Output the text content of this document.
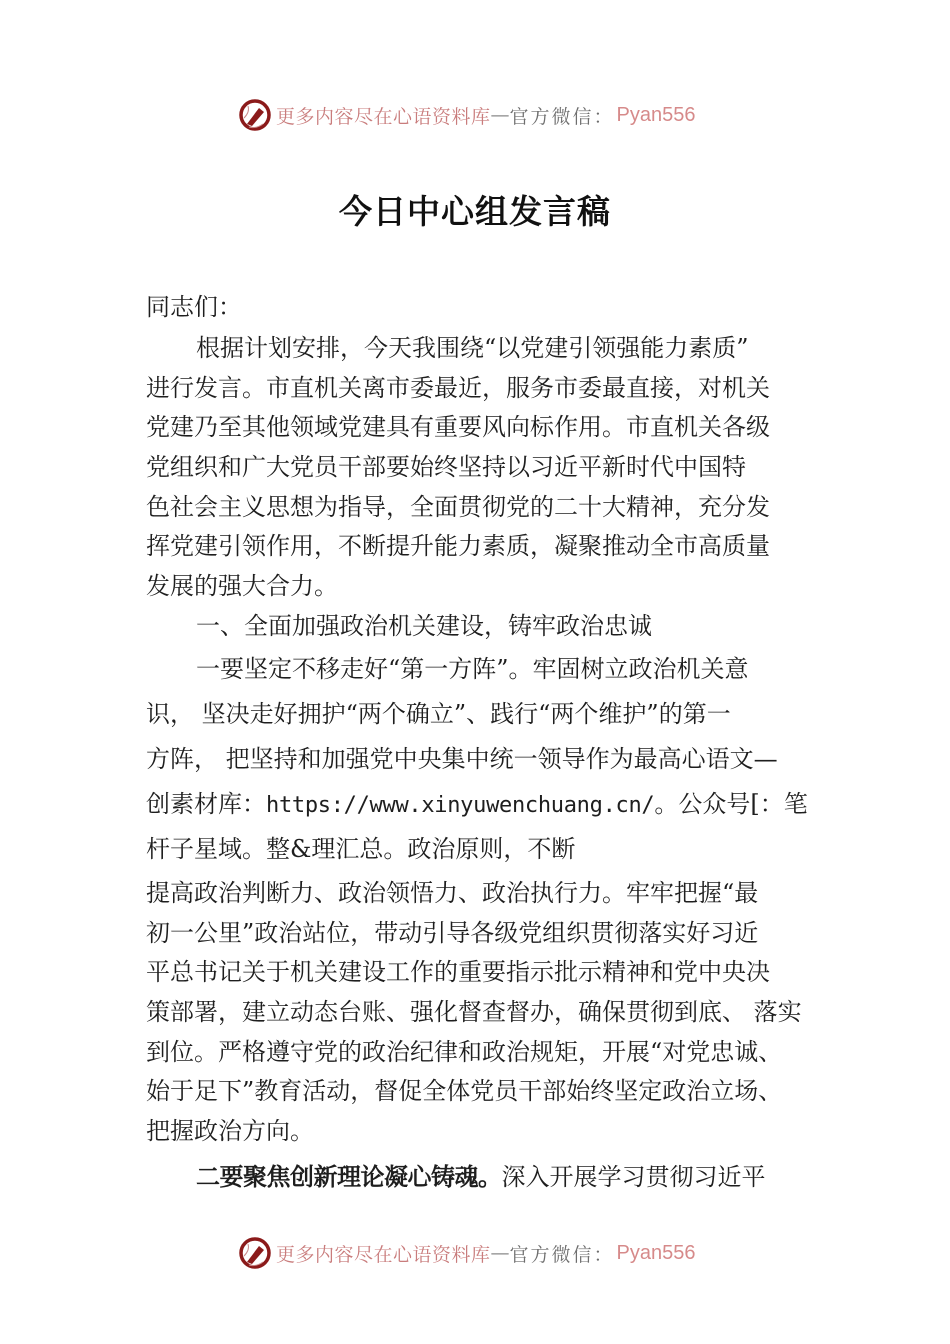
更多内容尽在心语资料库 — 官方微信： Pyan556
今日中心组发言稿
同志们：
根据计划安排，今天我围绕“以党建引领强能力素质”
进行发言。市直机关离市委最近，服务市委最直接，对机关
党建乃至其他领域党建具有重要风向标作用。市直机关各级
党组织和广大党员干部要始终坚持以习近平新时代中国特
色社会主义思想为指导，全面贯彻党的二十大精神，充分发
挥党建引领作用，不断提升能力素质，凝聚推动全市高质量
发展的强大合力。
一、全面加强政治机关建设，铸牢政治忠诚
一要坚定不移走好“第一方阵”。牢固树立政治机关意
识， 坚决走好拥护“两个确立”、践行“两个维护”的第一
方阵， 把坚持和加强党中央集中统一领导作为最高心语文—
创素材库：https://www.xinyuwenchuang.cn/。公众号[：笔
杆子星域。整&理汇总。政治原则，不断
提高政治判断力、政治领悟力、政治执行力。牢牢把握“最
初一公里”政治站位，带动引导各级党组织贯彻落实好习近
平总书记关于机关建设工作的重要指示批示精神和党中央决
策部署，建立动态台账、强化督查督办，确保贯彻到底、 落实
到位。严格遵守党的政治纪律和政治规矩，开展“对党忠诚、
始于足下”教育活动，督促全体党员干部始终坚定政治立场、
把握政治方向。
二要聚焦创新理论凝心铸魂。深入开展学习贯彻习近平
更多内容尽在心语资料库 — 官方微信： Pyan556
